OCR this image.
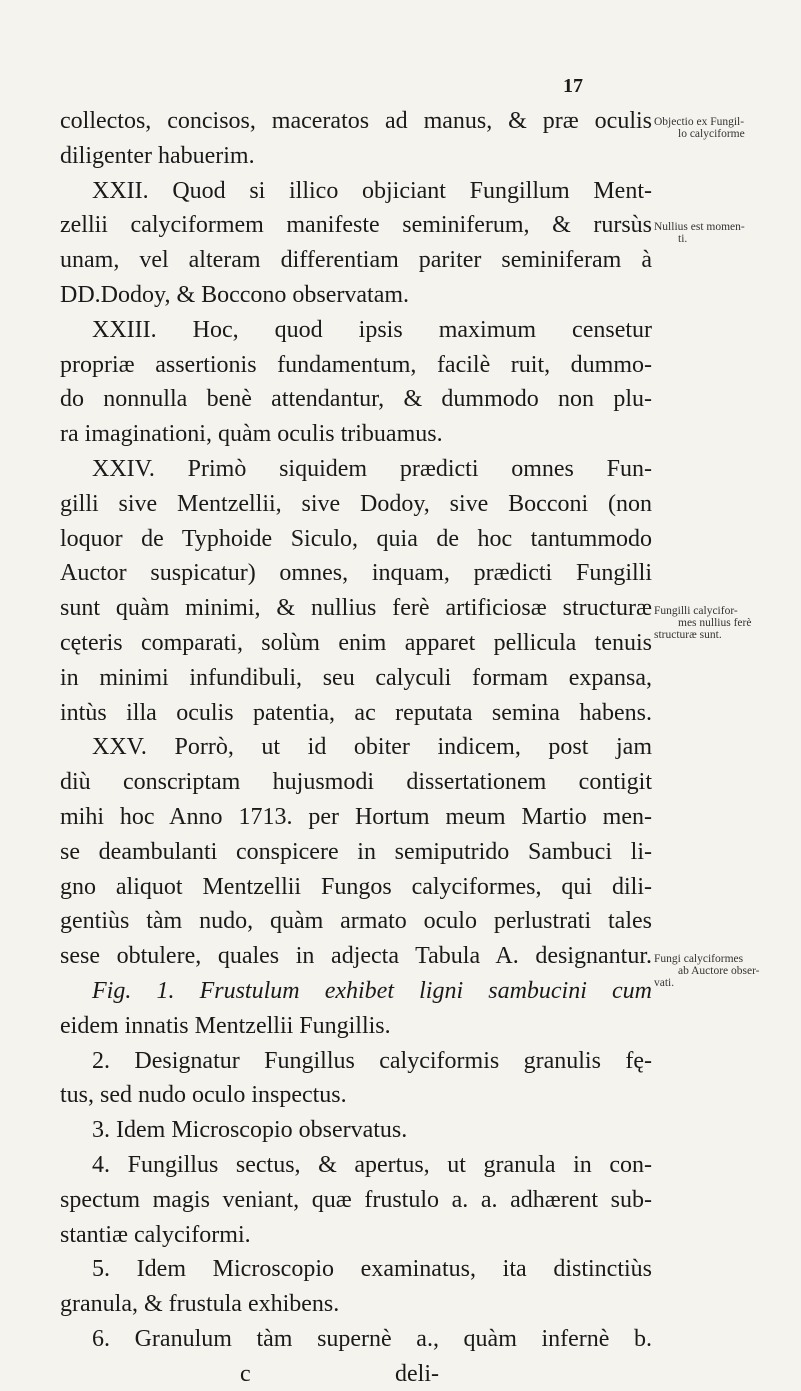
17
collectos, concisos, maceratos ad manus, & præ oculis
diligenter habuerim.
XXII. Quod si illico objiciant Fungillum Ment-
zellii calyciformem manifeste seminiferum, & rursùs
unam, vel alteram differentiam pariter seminiferam à
DD.Dodoy, & Boccono observatam.
XXIII. Hoc, quod ipsis maximum censetur
propriæ assertionis fundamentum, facilè ruit, dummo-
do nonnulla benè attendantur, & dummodo non plu-
ra imaginationi, quàm oculis tribuamus.
XXIV. Primò siquidem prædicti omnes Fun-
gilli sive Mentzellii, sive Dodoy, sive Bocconi (non
loquor de Typhoide Siculo, quia de hoc tantummodo
Auctor suspicatur) omnes, inquam, prædicti Fungilli
sunt quàm minimi, & nullius ferè artificiosæ structuræ
cęteris comparati, solùm enim apparet pellicula tenuis
in minimi infundibuli, seu calyculi formam expansa,
intùs illa oculis patentia, ac reputata semina habens.
XXV. Porrò, ut id obiter indicem, post jam
diù conscriptam hujusmodi dissertationem contigit
mihi hoc Anno 1713. per Hortum meum Martio men-
se deambulanti conspicere in semiputrido Sambuci li-
gno aliquot Mentzellii Fungos calyciformes, qui dili-
gentiùs tàm nudo, quàm armato oculo perlustrati tales
sese obtulere, quales in adjecta Tabula A. designantur.
Fig. 1. Frustulum exhibet ligni sambucini cum
eidem innatis Mentzellii Fungillis.
2. Designatur Fungillus calyciformis granulis fę-
tus, sed nudo oculo inspectus.
3. Idem Microscopio observatus.
4. Fungillus sectus, & apertus, ut granula in con-
spectum magis veniant, quæ frustulo a. a. adhærent sub-
stantiæ calyciformi.
5. Idem Microscopio examinatus, ita distinctiùs
granula, & frustula exhibens.
6. Granulum tàm supernè a., quàm infernè b.
c	deli-
Objectio ex Fungil-
lo calyciforme
Nullius est momen-
ti.
Fungilli calycifor-
mes nullius ferè
structuræ sunt.
Fungi calyciformes
ab Auctore obser-
vati.
